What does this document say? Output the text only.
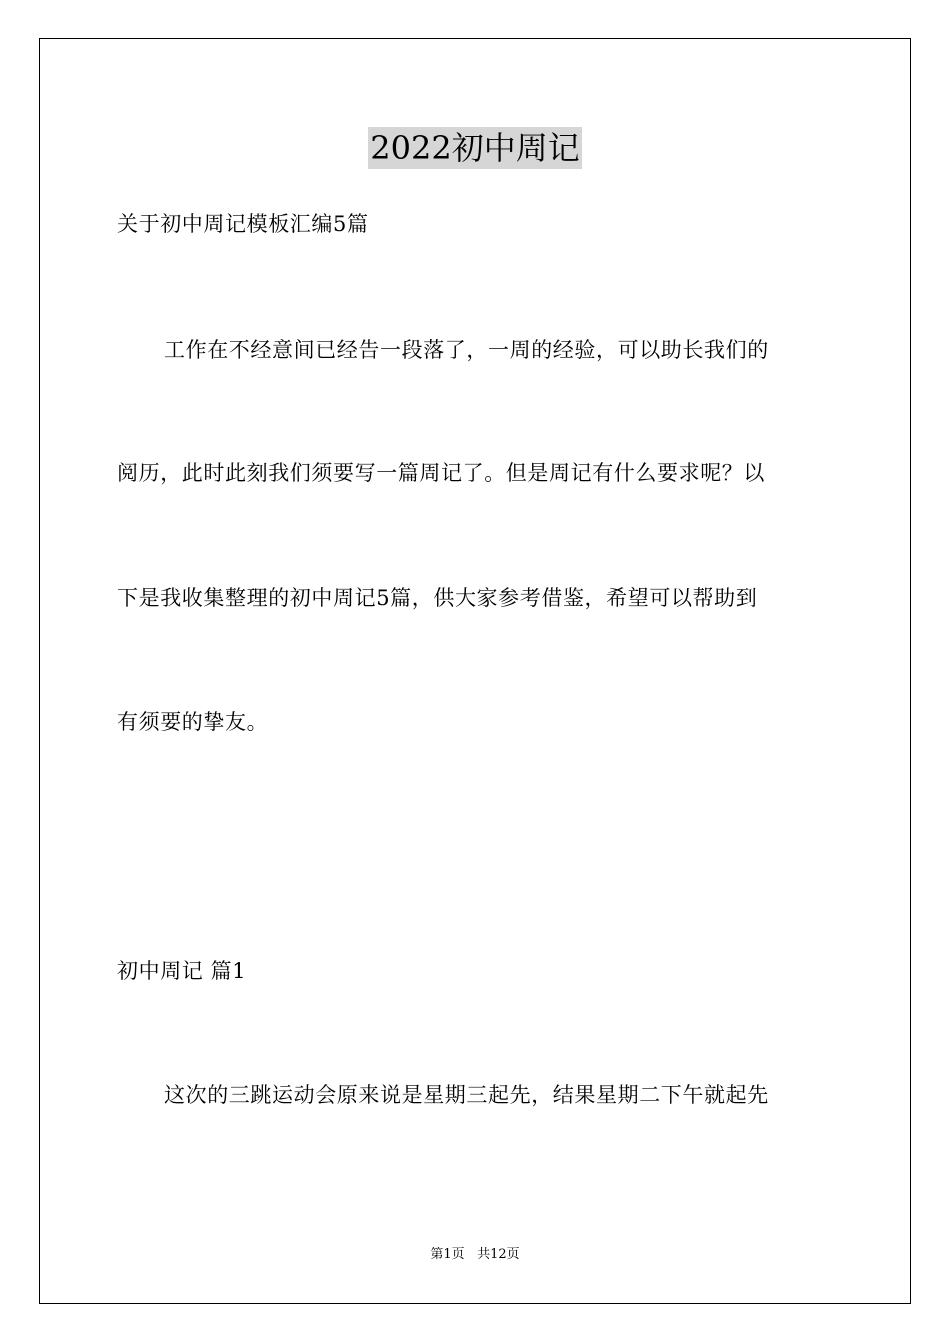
2022初中周记
关于初中周记模板汇编5篇
工作在不经意间已经告一段落了，一周的经验，可以助长我们的
阅历，此时此刻我们须要写一篇周记了。但是周记有什么要求呢？以
下是我收集整理的初中周记5篇，供大家参考借鉴，希望可以帮助到
有须要的挚友。
初中周记 篇1
这次的三跳运动会原来说是星期三起先，结果星期二下午就起先
第1页 共12页
